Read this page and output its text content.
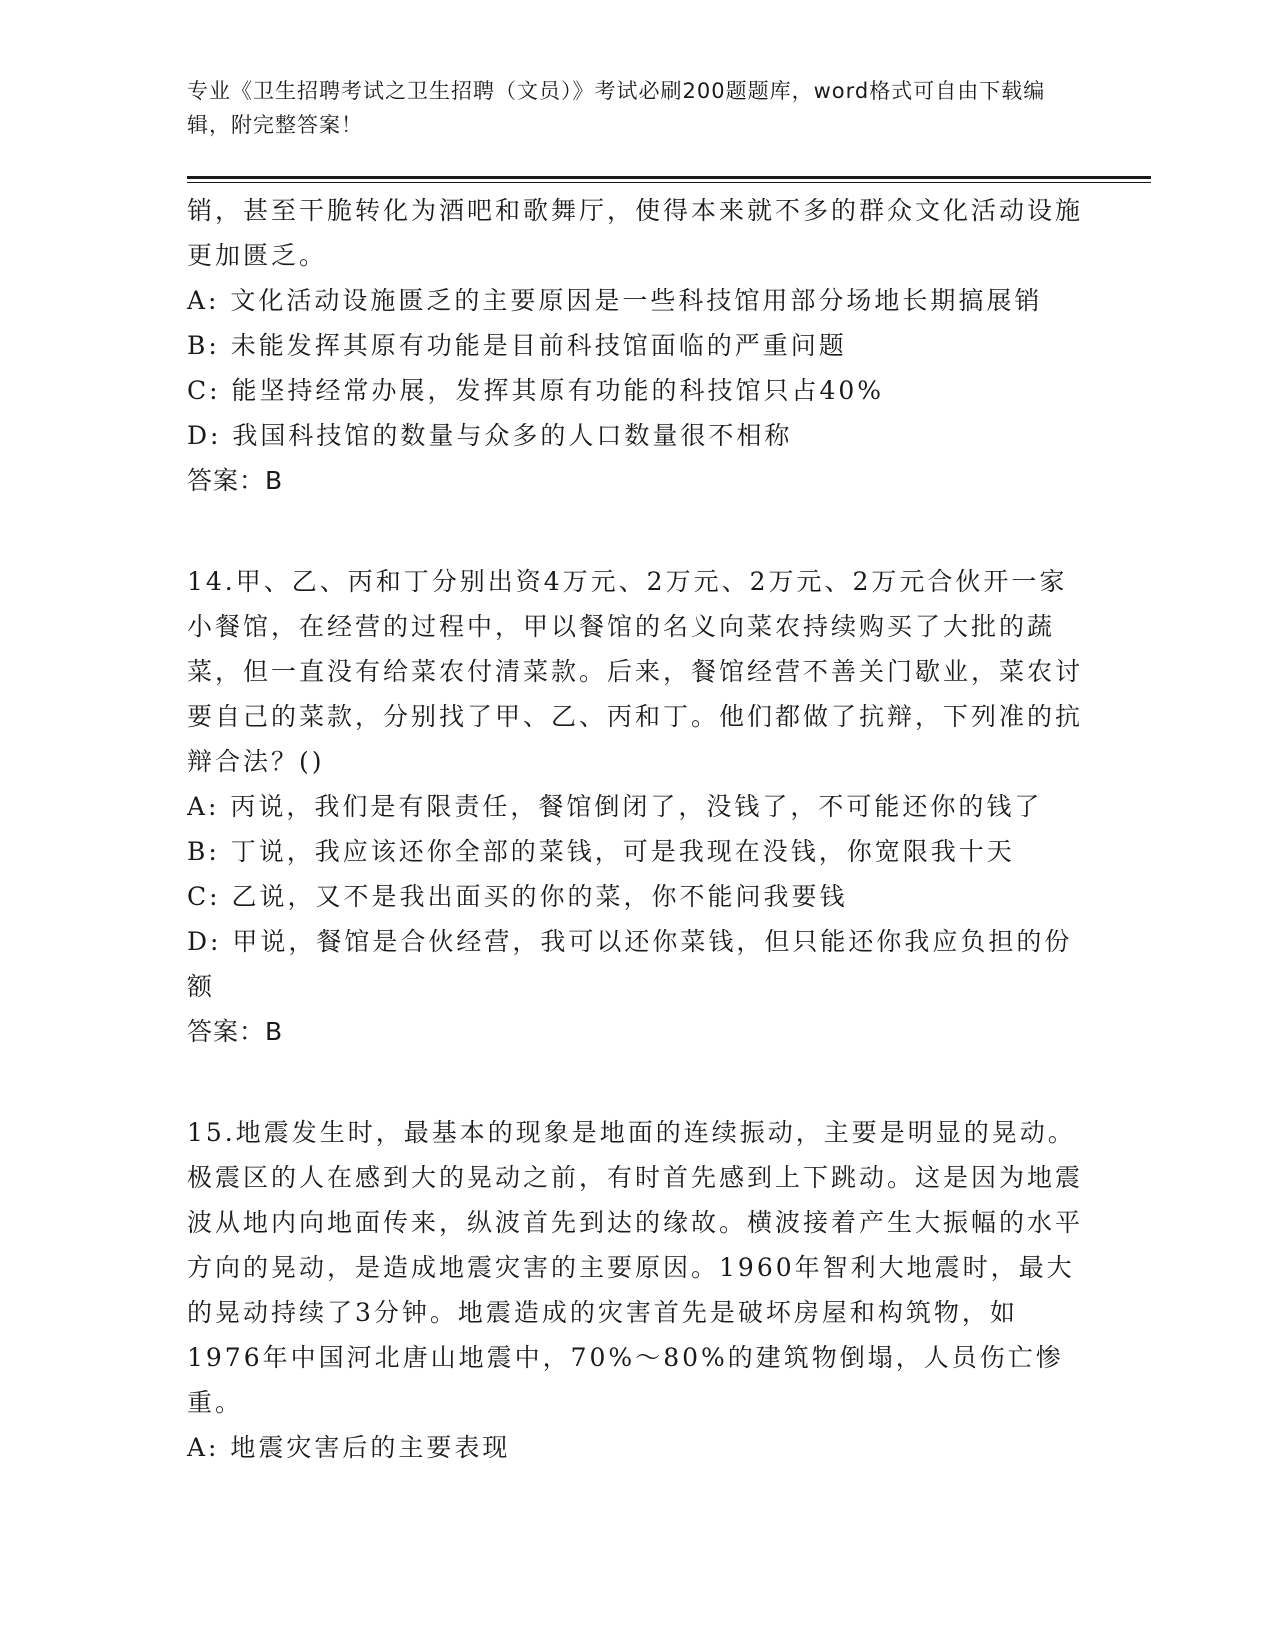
专业《卫生招聘考试之卫生招聘（文员）》考试必刷200题题库，word格式可自由下载编辑，附完整答案！

销，甚至干脆转化为酒吧和歌舞厅，使得本来就不多的群众文化活动设施更加匮乏。

A: 文化活动设施匮乏的主要原因是一些科技馆用部分场地长期搞展销

B: 未能发挥其原有功能是目前科技馆面临的严重问题

C: 能坚持经常办展，发挥其原有功能的科技馆只占40%

D: 我国科技馆的数量与众多的人口数量很不相称

答案：B

14.甲、乙、丙和丁分别出资4万元、2万元、2万元、2万元合伙开一家小餐馆，在经营的过程中，甲以餐馆的名义向菜农持续购买了大批的蔬菜，但一直没有给菜农付清菜款。后来，餐馆经营不善关门歇业，菜农讨要自己的菜款，分别找了甲、乙、丙和丁。他们都做了抗辩，下列准的抗辩合法？()

A: 丙说，我们是有限责任，餐馆倒闭了，没钱了，不可能还你的钱了

B: 丁说，我应该还你全部的菜钱，可是我现在没钱，你宽限我十天

C: 乙说，又不是我出面买的你的菜，你不能问我要钱

D: 甲说，餐馆是合伙经营，我可以还你菜钱，但只能还你我应负担的份额

答案：B

15.地震发生时，最基本的现象是地面的连续振动，主要是明显的晃动。极震区的人在感到大的晃动之前，有时首先感到上下跳动。这是因为地震波从地内向地面传来，纵波首先到达的缘故。横波接着产生大振幅的水平方向的晃动，是造成地震灾害的主要原因。1960年智利大地震时，最大的晃动持续了3分钟。地震造成的灾害首先是破坏房屋和构筑物，如1976年中国河北唐山地震中，70%～80%的建筑物倒塌，人员伤亡惨重。

A: 地震灾害后的主要表现
